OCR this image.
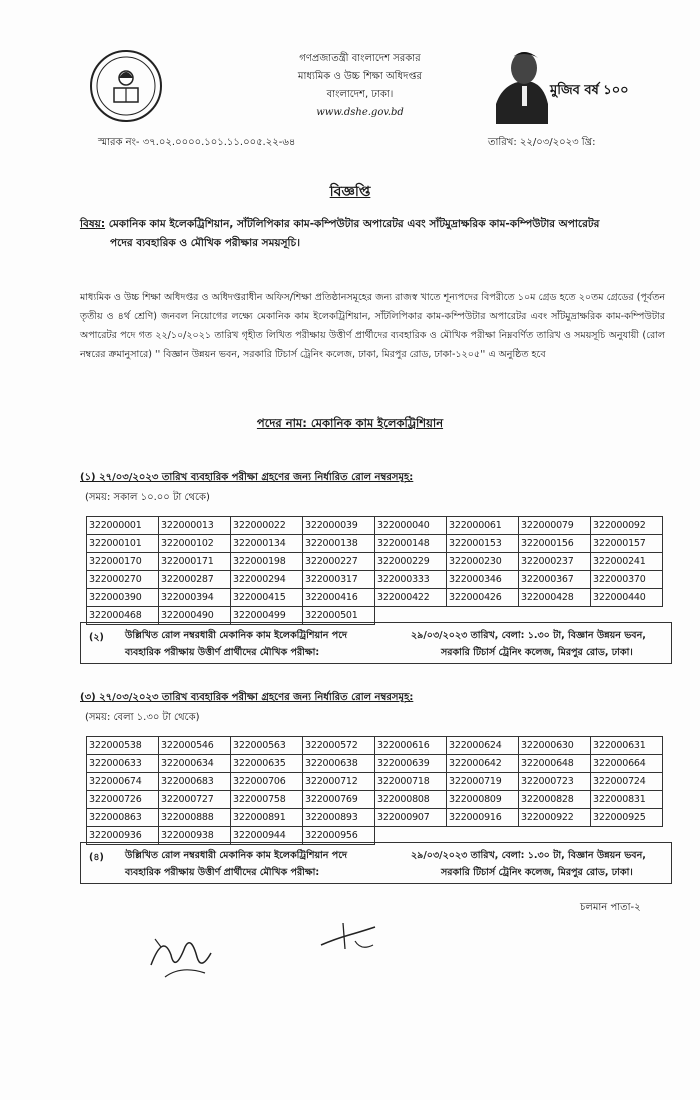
গণপ্রজাতন্ত্রী বাংলাদেশ সরকার
মাধ্যমিক ও উচ্চ শিক্ষা অধিদপ্তর
বাংলাদেশ, ঢাকা।
www.dshe.gov.bd
মুজিব বর্ষ ১০০
স্মারক নং- ৩৭.০২.০০০০.১০১.১১.০০৫.২২-৬৪	তারিখ: ২২/০৩/২০২৩ খ্রি:
বিজ্ঞপ্তি
বিষয়: মেকানিক কাম ইলেকট্রিশিয়ান, সাঁটলিপিকার কাম-কম্পিউটার অপারেটর এবং সাঁটমুদ্রাক্ষরিক কাম-কম্পিউটার অপারেটর
পদের ব্যবহারিক ও মৌখিক পরীক্ষার সময়সূচি।
মাধ্যমিক ও উচ্চ শিক্ষা অধিদপ্তর ও অধিদপ্তরাধীন অফিস/শিক্ষা প্রতিষ্ঠানসমূহের জন্য রাজস্ব খাতে শূন্যপদের বিপরীতে ১০ম গ্রেড হতে ২০তম গ্রেডের (পূর্বতন তৃতীয় ও ৪র্থ শ্রেণি) জনবল নিয়োগের লক্ষ্যে মেকানিক কাম ইলেকট্রিশিয়ান, সাঁটলিপিকার কাম-কম্পিউটার অপারেটর এবং সাঁটমুদ্রাক্ষরিক কাম-কম্পিউটার অপারেটর পদে গত ২২/১০/২০২১ তারিখ গৃহীত লিখিত পরীক্ষায় উত্তীর্ণ প্রার্থীদের ব্যবহারিক ও মৌখিক পরীক্ষা নিম্নবর্ণিত তারিখ ও সময়সূচি অনুযায়ী (রোল নম্বরের ক্রমানুসারে) '' বিজ্ঞান উন্নয়ন ভবন, সরকারি টিচার্স ট্রেনিং কলেজ, ঢাকা, মিরপুর রোড, ঢাকা-১২০৫'' এ অনুষ্ঠিত হবে
পদের নাম: মেকানিক কাম ইলেকট্রিশিয়ান
(১) ২৭/০৩/২০২৩ তারিখ ব্যবহারিক পরীক্ষা গ্রহণের জন্য নির্ধারিত রোল নম্বরসমূহ:
(সময়: সকাল ১০.০০ টা থেকে)
322000001	322000013	322000022	322000039	322000040	322000061	322000079	322000092
322000101	322000102	322000134	322000138	322000148	322000153	322000156	322000157
322000170	322000171	322000198	322000227	322000229	322000230	322000237	322000241
322000270	322000287	322000294	322000317	322000333	322000346	322000367	322000370
322000390	322000394	322000415	322000416	322000422	322000426	322000428	322000440
322000468	322000490	322000499	322000501				
(২) উল্লিখিত রোল নম্বরধারী মেকানিক কাম ইলেকট্রিশিয়ান পদে
ব্যবহারিক পরীক্ষায় উত্তীর্ণ প্রার্থীদের মৌখিক পরীক্ষা:
২৯/০৩/২০২৩ তারিখ, বেলা: ১.৩০ টা, বিজ্ঞান উন্নয়ন ভবন,
সরকারি টিচার্স ট্রেনিং কলেজ, মিরপুর রোড, ঢাকা।
(৩) ২৭/০৩/২০২৩ তারিখ ব্যবহারিক পরীক্ষা গ্রহণের জন্য নির্ধারিত রোল নম্বরসমূহ:
(সময়: বেলা ১.৩০ টা থেকে)
322000538	322000546	322000563	322000572	322000616	322000624	322000630	322000631
322000633	322000634	322000635	322000638	322000639	322000642	322000648	322000664
322000674	322000683	322000706	322000712	322000718	322000719	322000723	322000724
322000726	322000727	322000758	322000769	322000808	322000809	322000828	322000831
322000863	322000888	322000891	322000893	322000907	322000916	322000922	322000925
322000936	322000938	322000944	322000956				
(৪) উল্লিখিত রোল নম্বরধারী মেকানিক কাম ইলেকট্রিশিয়ান পদে
ব্যবহারিক পরীক্ষায় উত্তীর্ণ প্রার্থীদের মৌখিক পরীক্ষা:
২৯/০৩/২০২৩ তারিখ, বেলা: ১.৩০ টা, বিজ্ঞান উন্নয়ন ভবন,
সরকারি টিচার্স ট্রেনিং কলেজ, মিরপুর রোড, ঢাকা।
চলমান পাতা-২
